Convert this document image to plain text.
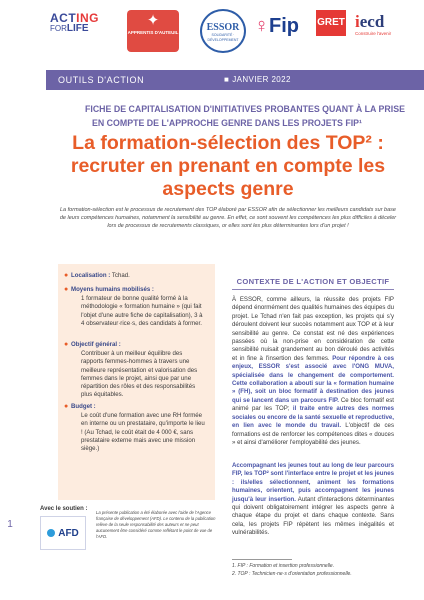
ACTING
FORLIFE	✦
APPRENTIS D'AUTEUIL	ESSOR
SOLIDARITÉ · DÉVELOPPEMENT
♀Fip	GRET iecd
Construire l'avenir
OUTILS D'ACTION	■ JANVIER 2022
FICHE DE CAPITALISATION D'INITIATIVES PROBANTES QUANT À LA PRISE
EN COMPTE DE L'APPROCHE GENRE DANS LES PROJETS FIP¹
La formation-sélection des TOP² : recruter en prenant en compte les aspects genre
La formation-sélection est le processus de recrutement des TOP élaboré par ESSOR afin de sélectionner les meilleurs candidats sur base de leurs compétences humaines, notamment la sensibilité au genre. En effet, ce sont souvent les compétences les plus difficiles à déceler lors de processus de recrutements classiques, or elles sont les plus déterminantes lors d'un projet !
● Localisation : Tchad.
● Moyens humains mobilisés :
1 formateur de bonne qualité formé à la méthodologie « formation humaine » (qui fait l'objet d'une autre fiche de capitalisation), 3 à 4 observateur·rice·s, des candidats à former.
● Objectif général :
Contribuer à un meilleur équilibre des rapports femmes-hommes à travers une meilleure représentation et valorisation des femmes dans le projet, ainsi que par une répartition des rôles et des responsabilités plus équitables.
● Budget :
Le coût d'une formation avec une RH formée en interne ou un prestataire, qu'importe le lieu ! (Au Tchad, le coût était de 4 000 €, sans prestataire externe mais avec une mission siège.)
1
Avec le soutien :
AFD
La présente publication a été élaborée avec l'aide de l'Agence française de développement (AFD). Le contenu de la publication relève de la seule responsabilité des auteurs et ne peut aucunement être considéré comme reflétant le point de vue de l'AFD.
CONTEXTE DE L'ACTION ET OBJECTIF
À ESSOR, comme ailleurs, la réussite des projets FIP dépend énormément des qualités humaines des équipes du projet. Le Tchad n'en fait pas exception, les projets qui s'y déroulent doivent leur succès notamment aux TOP et à leur sensibilité au genre. Ce constat est né des expériences passées où la non-prise en considération de cette sensibilité nuisait grandement au bon déroulé des activités et in fine à l'insertion des femmes. Pour répondre à ces enjeux, ESSOR s'est associé avec l'ONG MUVA, spécialisée dans le changement de comportement. Cette collaboration a abouti sur la « formation humaine » (FH), soit un bloc formatif à destination des jeunes qui se lancent dans un parcours FIP. Ce bloc formatif est animé par les TOP; il traite entre autres des normes sociales ou encore de la santé sexuelle et reproductive, en lien avec le monde du travail. L'objectif de ces formations est de renforcer les compétences dites « douces » et ainsi d'améliorer l'employabilité des jeunes.
Accompagnant les jeunes tout au long de leur parcours FIP, les TOP² sont l'interface entre le projet et les jeunes : ils/elles sélectionnent, animent les formations humaines, orientent, puis accompagnent les jeunes jusqu'à leur insertion. Autant d'interactions déterminantes qui doivent obligatoirement intégrer les aspects genre à chaque étape du projet et dans chaque contexte. Sans cela, les projets FIP répètent les mêmes inégalités et vulnérabilités.
1. FIP : Formation et insertion professionnelle.
2. TOP : Technicien·ne·s d'orientation professionnelle.
